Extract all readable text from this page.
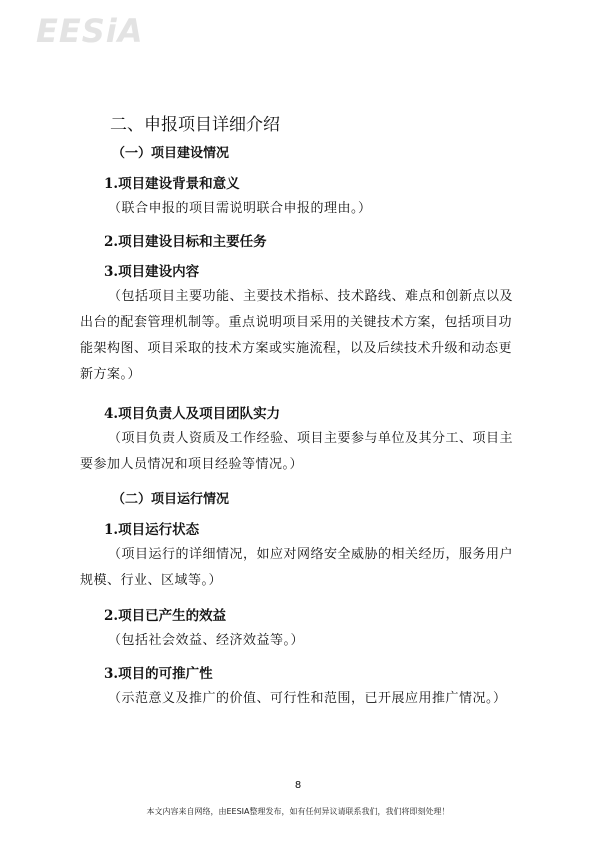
EESiA
二、申报项目详细介绍
（一）项目建设情况
1.项目建设背景和意义
（联合申报的项目需说明联合申报的理由。）
2.项目建设目标和主要任务
3.项目建设内容
（包括项目主要功能、主要技术指标、技术路线、难点和创新点以及出台的配套管理机制等。重点说明项目采用的关键技术方案，包括项目功能架构图、项目采取的技术方案或实施流程，以及后续技术升级和动态更新方案。）
4.项目负责人及项目团队实力
（项目负责人资质及工作经验、项目主要参与单位及其分工、项目主要参加人员情况和项目经验等情况。）
（二）项目运行情况
1.项目运行状态
（项目运行的详细情况，如应对网络安全威胁的相关经历，服务用户规模、行业、区域等。）
2.项目已产生的效益
（包括社会效益、经济效益等。）
3.项目的可推广性
（示范意义及推广的价值、可行性和范围，已开展应用推广情况。）
8
本文内容来自网络，由EESIA整理发布，如有任何异议请联系我们，我们将即刻处理！
